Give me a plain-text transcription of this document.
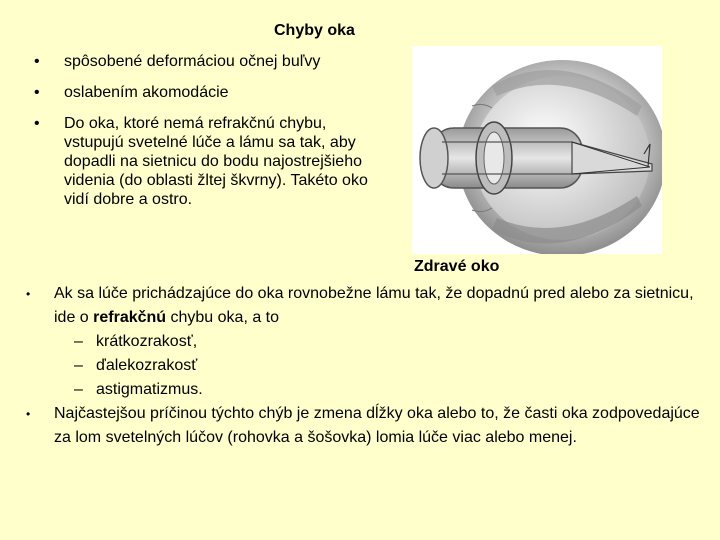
Chyby oka
• spôsobené deformáciou očnej buľvy
• oslabením akomodácie
• Do oka, ktoré nemá refrakčnú chybu, vstupujú svetelné lúče a lámu sa tak, aby dopadli na sietnicu do bodu najostrejšieho videnia (do oblasti žltej škvrny). Takéto oko vidí dobre a ostro.
Zdravé oko
• Ak sa lúče prichádzajúce do oka rovnobežne lámu tak, že dopadnú pred alebo za sietnicu, ide o refrakčnú chybu oka, a to
– krátkozrakosť,
– ďalekozrakosť
– astigmatizmus.
• Najčastejšou príčinou týchto chýb je zmena dĺžky oka alebo to, že časti oka zodpovedajúce za lom svetelných lúčov (rohovka a šošovka) lomia lúče viac alebo menej.
